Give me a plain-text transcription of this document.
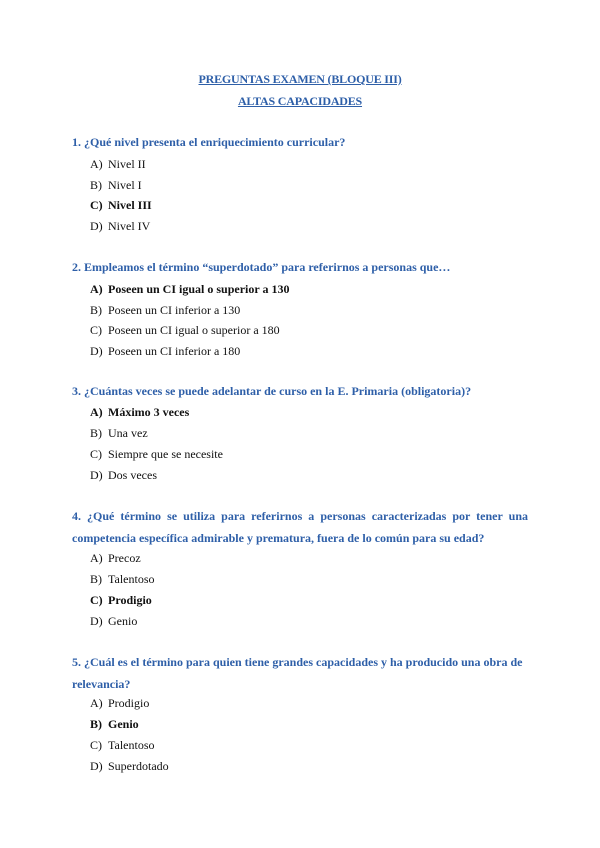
PREGUNTAS EXAMEN (BLOQUE III)
ALTAS CAPACIDADES
1. ¿Qué nivel presenta el enriquecimiento curricular?
A) Nivel II
B) Nivel I
C) Nivel III
D) Nivel IV
2. Empleamos el término “superdotado” para referirnos a personas que…
A) Poseen un CI igual o superior a 130
B) Poseen un CI inferior a 130
C) Poseen un CI igual o superior a 180
D) Poseen un CI inferior a 180
3. ¿Cuántas veces se puede adelantar de curso en la E. Primaria (obligatoria)?
A) Máximo 3 veces
B) Una vez
C) Siempre que se necesite
D) Dos veces
4. ¿Qué término se utiliza para referirnos a personas caracterizadas por tener una competencia específica admirable y prematura, fuera de lo común para su edad?
A) Precoz
B) Talentoso
C) Prodigio
D) Genio
5. ¿Cuál es el término para quien tiene grandes capacidades y ha producido una obra de relevancia?
A) Prodigio
B) Genio
C) Talentoso
D) Superdotado
